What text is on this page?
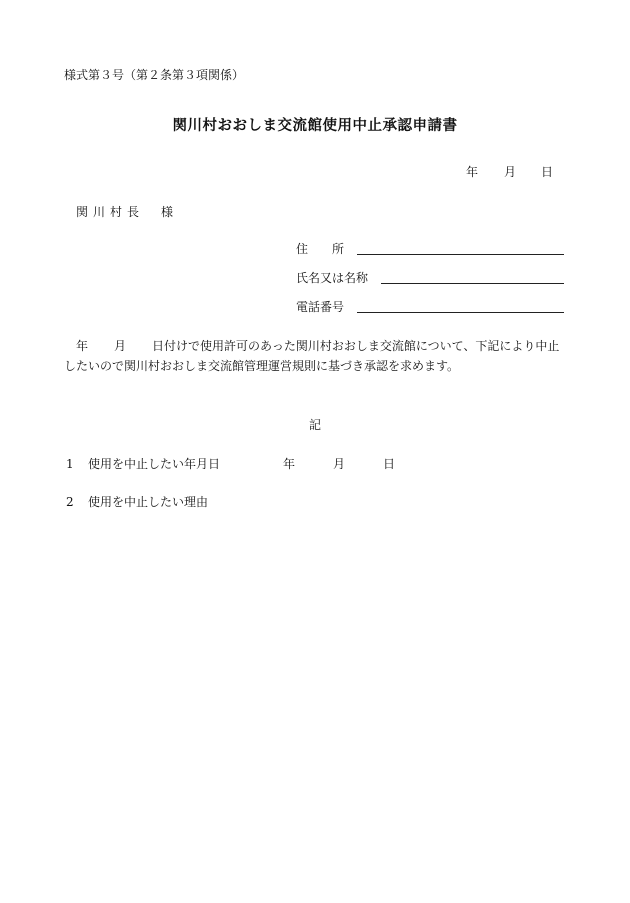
様式第３号（第２条第３項関係）
関川村おおしま交流館使用中止承認申請書
年 月 日
関川村長　様
住所
氏名又は名称
電話番号
年 月 日付けで使用許可のあった関川村おおしま交流館について、下記により中止したいので関川村おおしま交流館管理運営規則に基づき承認を求めます。
記
1 使用を中止したい年月日	年	月	日
2 使用を中止したい理由
